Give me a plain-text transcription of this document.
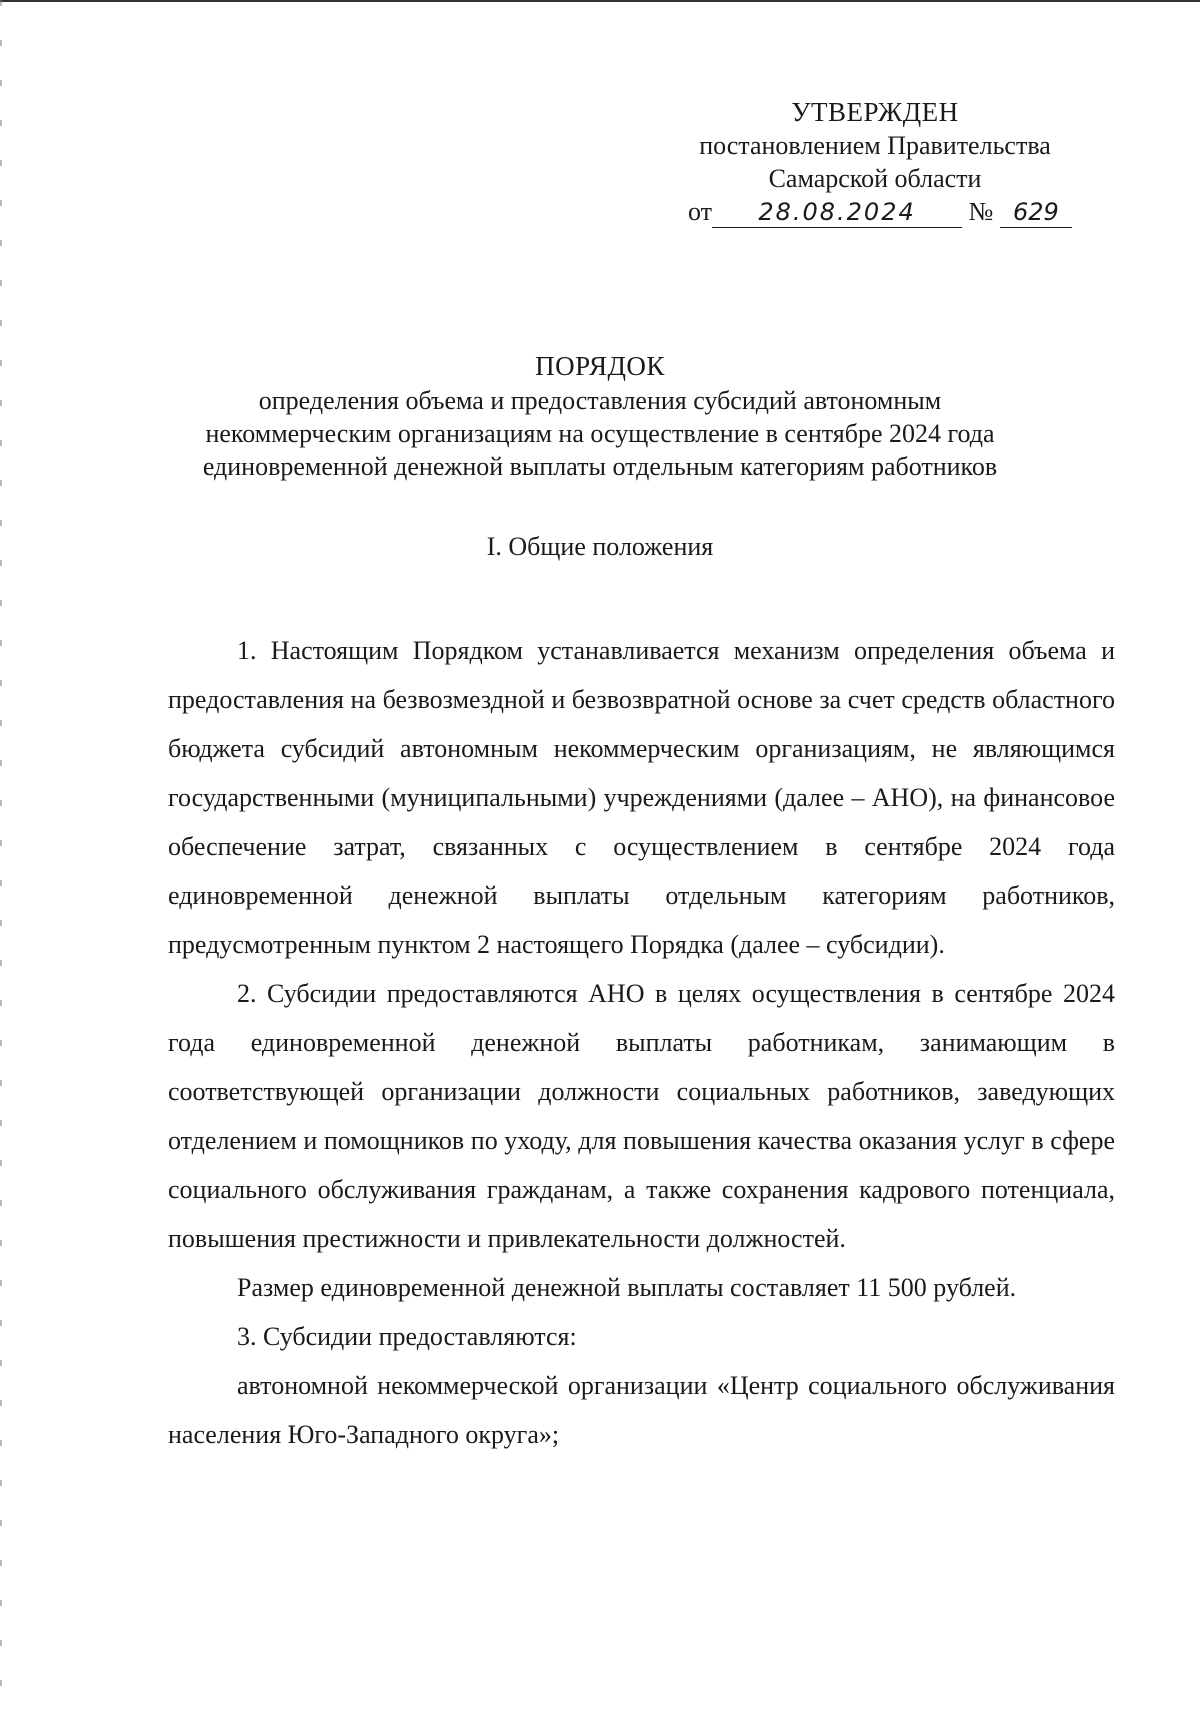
УТВЕРЖДЕН
постановлением Правительства
Самарской области
от 28.08.2024 № 629
ПОРЯДОК
определения объема и предоставления субсидий автономным
некоммерческим организациям на осуществление в сентябре 2024 года
единовременной денежной выплаты отдельным категориям работников
I. Общие положения

1. Настоящим Порядком устанавливается механизм определения объема и предоставления на безвозмездной и безвозвратной основе за счет средств областного бюджета субсидий автономным некоммерческим организациям, не являющимся государственными (муниципальными) учреждениями (далее – АНО), на финансовое обеспечение затрат, связанных с осуществлением в сентябре 2024 года единовременной денежной выплаты отдельным категориям работников, предусмотренным пунктом 2 настоящего Порядка (далее – субсидии).

2. Субсидии предоставляются АНО в целях осуществления в сентябре 2024 года единовременной денежной выплаты работникам, занимающим в соответствующей организации должности социальных работников, заведующих отделением и помощников по уходу, для повышения качества оказания услуг в сфере социального обслуживания гражданам, а также сохранения кадрового потенциала, повышения престижности и привлекательности должностей.

Размер единовременной денежной выплаты составляет 11 500 рублей.

3. Субсидии предоставляются:

автономной некоммерческой организации «Центр социального обслуживания населения Юго-Западного округа»;
